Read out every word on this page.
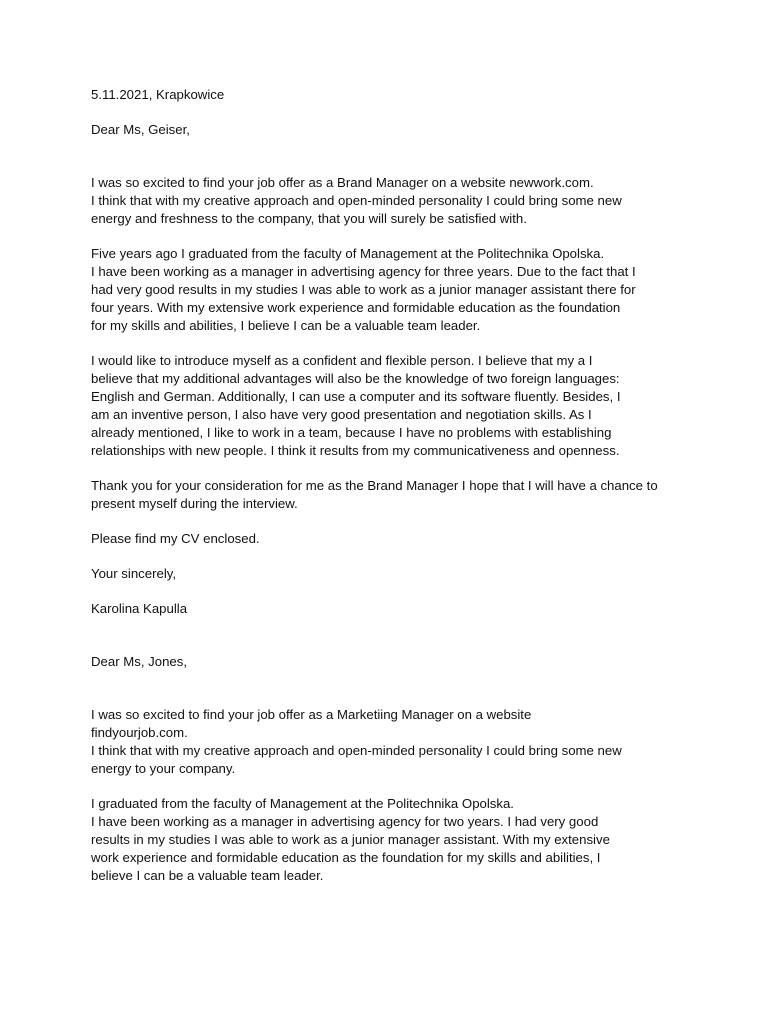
5.11.2021, Krapkowice
Dear Ms, Geiser,
I was so excited to find your job offer as a Brand Manager on a website newwork.com.
I think that with my creative approach and open-minded personality I could bring some new
energy and freshness to the company, that you will surely be satisfied with.
Five years ago I graduated from the faculty of Management at the Politechnika Opolska.
I have been working as a manager in advertising agency for three years. Due to the fact that I
had very good results in my studies I was able to work as a junior manager assistant there for
four years. With my extensive work experience and formidable education as the foundation
for my skills and abilities, I believe I can be a valuable team leader.
I would like to introduce myself as a confident and flexible person. I believe that my a I
believe that my additional advantages will also be the knowledge of two foreign languages:
English and German. Additionally, I can use a computer and its software fluently. Besides, I
am an inventive person, I also have very good presentation and negotiation skills. As I
already mentioned, I like to work in a team, because I have no problems with establishing
relationships with new people. I think it results from my communicativeness and openness.
Thank you for your consideration for me as the Brand Manager I hope that I will have a chance to
present myself during the interview.
Please find my CV enclosed.
Your sincerely,
Karolina Kapulla
Dear Ms, Jones,
I was so excited to find your job offer as a Marketiing Manager on a website
findyourjob.com.
I think that with my creative approach and open-minded personality I could bring some new
energy to your company.
I graduated from the faculty of Management at the Politechnika Opolska.
I have been working as a manager in advertising agency for two years. I had very good
results in my studies I was able to work as a junior manager assistant. With my extensive
work experience and formidable education as the foundation for my skills and abilities, I
believe I can be a valuable team leader.
